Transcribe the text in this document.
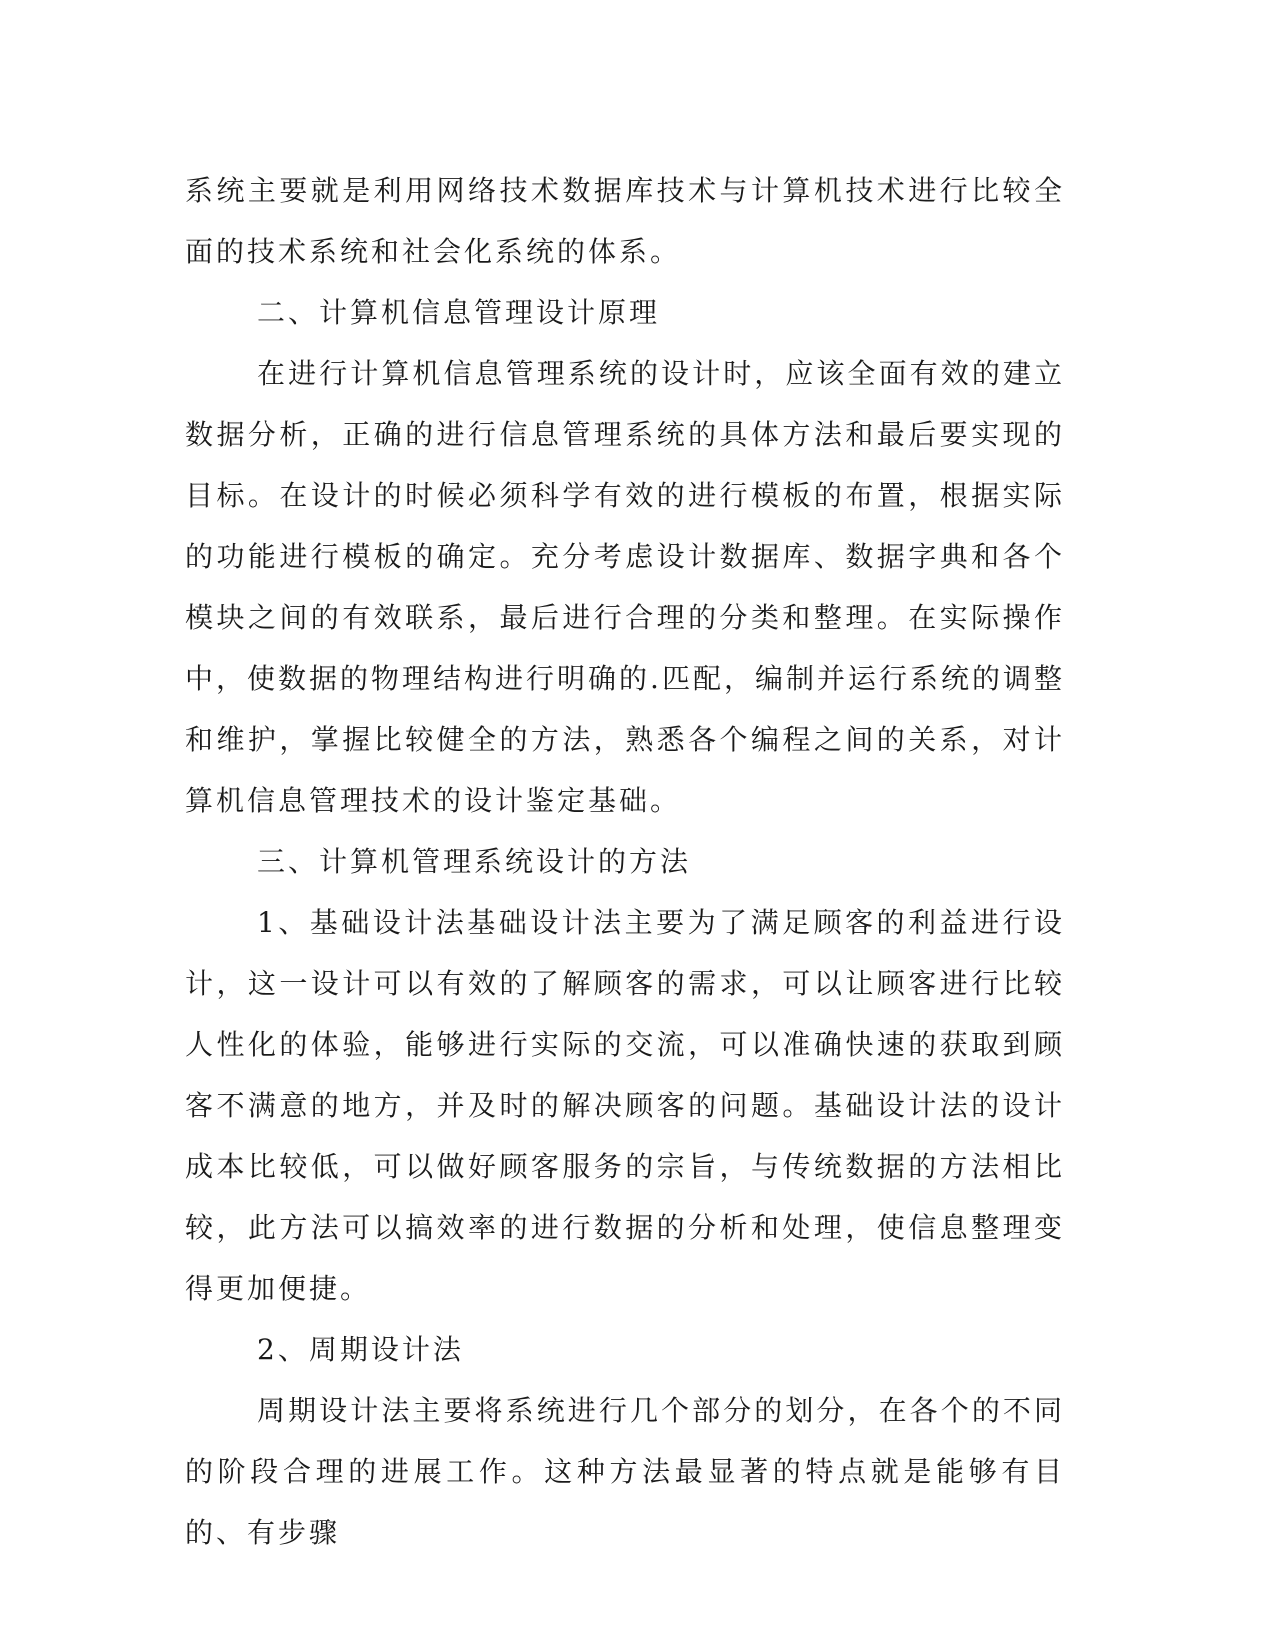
系统主要就是利用网络技术数据库技术与计算机技术进行比较全面的技术系统和社会化系统的体系。

二、计算机信息管理设计原理

在进行计算机信息管理系统的设计时，应该全面有效的建立数据分析，正确的进行信息管理系统的具体方法和最后要实现的目标。在设计的时候必须科学有效的进行模板的布置，根据实际的功能进行模板的确定。充分考虑设计数据库、数据字典和各个模块之间的有效联系，最后进行合理的分类和整理。在实际操作中，使数据的物理结构进行明确的.匹配，编制并运行系统的调整和维护，掌握比较健全的方法，熟悉各个编程之间的关系，对计算机信息管理技术的设计鉴定基础。

三、计算机管理系统设计的方法

1、基础设计法基础设计法主要为了满足顾客的利益进行设计，这一设计可以有效的了解顾客的需求，可以让顾客进行比较人性化的体验，能够进行实际的交流，可以准确快速的获取到顾客不满意的地方，并及时的解决顾客的问题。基础设计法的设计成本比较低，可以做好顾客服务的宗旨，与传统数据的方法相比较，此方法可以搞效率的进行数据的分析和处理，使信息整理变得更加便捷。

2、周期设计法

周期设计法主要将系统进行几个部分的划分，在各个的不同的阶段合理的进展工作。这种方法最显著的特点就是能够有目的、有步骤
